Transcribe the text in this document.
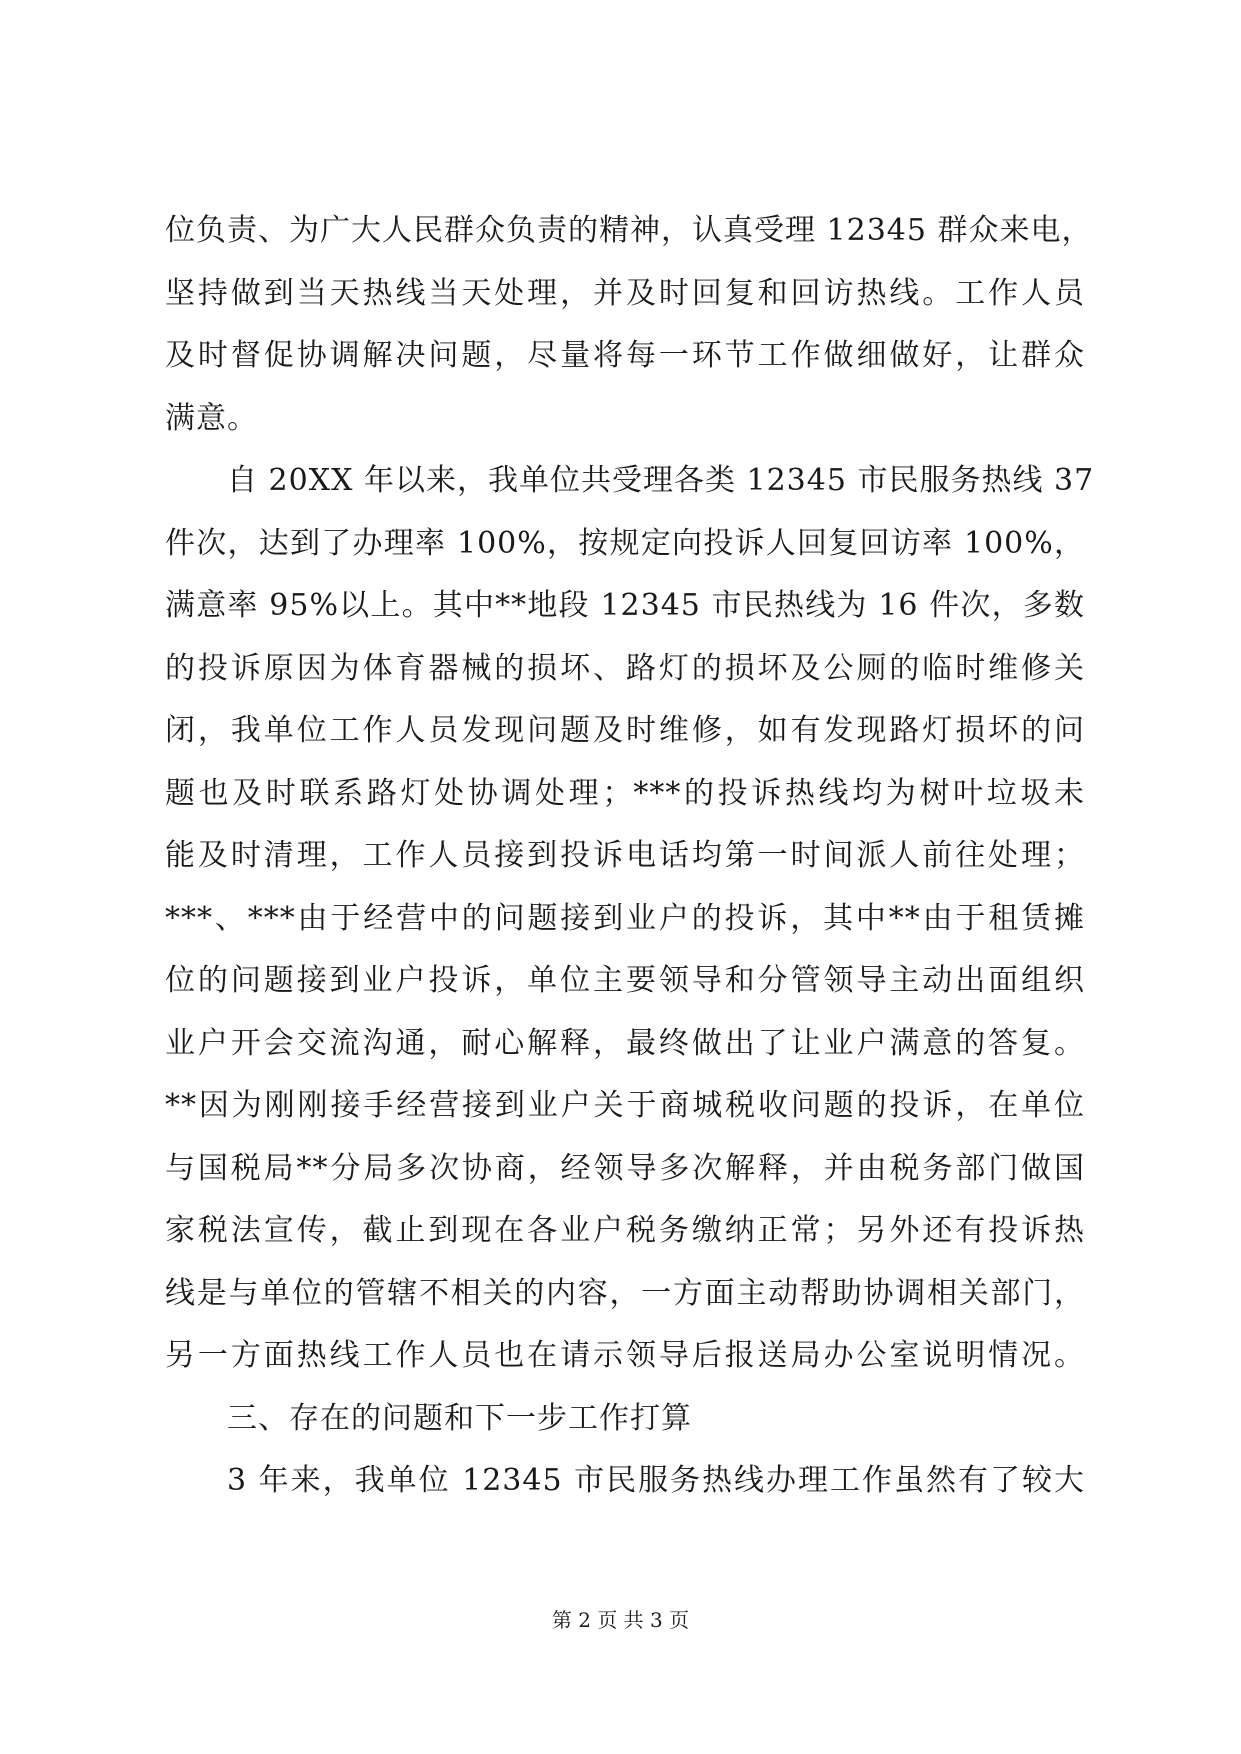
位负责、为广大人民群众负责的精神，认真受理 12345 群众来电，
坚持做到当天热线当天处理，并及时回复和回访热线。工作人员
及时督促协调解决问题，尽量将每一环节工作做细做好，让群众
满意。
自 20XX 年以来，我单位共受理各类 12345 市民服务热线 37
件次，达到了办理率 100%，按规定向投诉人回复回访率 100%，
满意率 95%以上。其中**地段 12345 市民热线为 16 件次，多数
的投诉原因为体育器械的损坏、路灯的损坏及公厕的临时维修关
闭，我单位工作人员发现问题及时维修，如有发现路灯损坏的问
题也及时联系路灯处协调处理；***的投诉热线均为树叶垃圾未
能及时清理，工作人员接到投诉电话均第一时间派人前往处理；
***、***由于经营中的问题接到业户的投诉，其中**由于租赁摊
位的问题接到业户投诉，单位主要领导和分管领导主动出面组织
业户开会交流沟通，耐心解释，最终做出了让业户满意的答复。
**因为刚刚接手经营接到业户关于商城税收问题的投诉，在单位
与国税局**分局多次协商，经领导多次解释，并由税务部门做国
家税法宣传，截止到现在各业户税务缴纳正常；另外还有投诉热
线是与单位的管辖不相关的内容，一方面主动帮助协调相关部门，
另一方面热线工作人员也在请示领导后报送局办公室说明情况。
三、存在的问题和下一步工作打算
3 年来，我单位 12345 市民服务热线办理工作虽然有了较大
第 2 页 共 3 页
